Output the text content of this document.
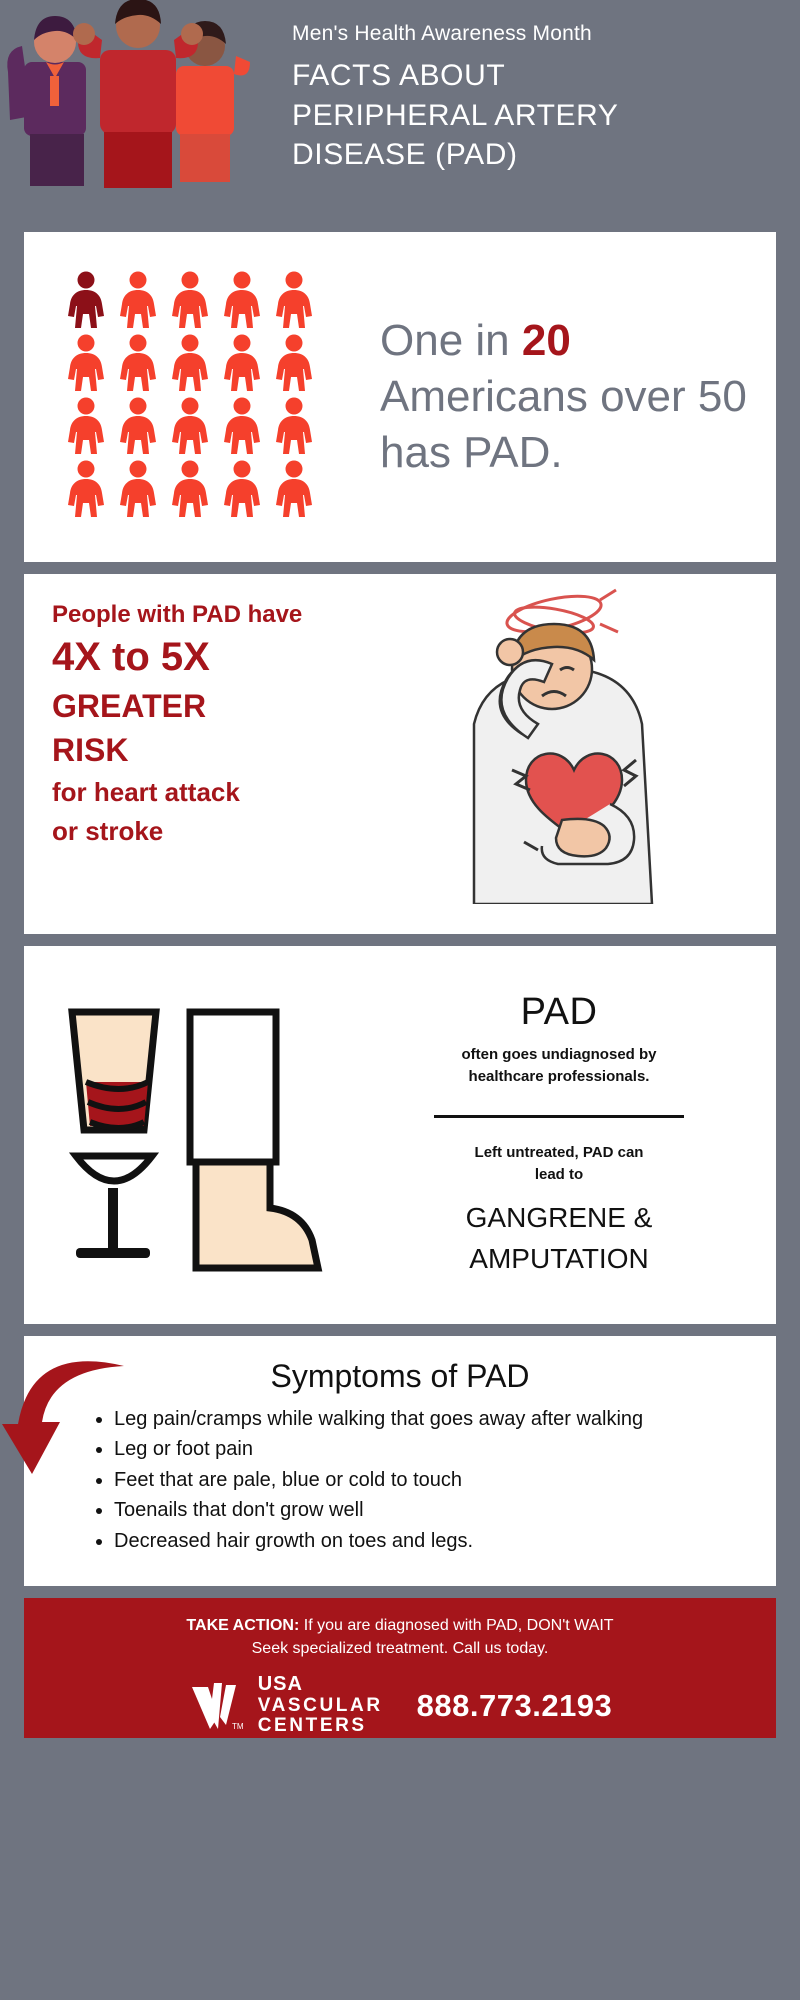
Men's Health Awareness Month
FACTS ABOUT
PERIPHERAL ARTERY
DISEASE (PAD)
One in 20 Americans over 50 has PAD.
People with PAD have
4X to 5X
GREATER
RISK
for heart attack
or stroke
PAD
often goes undiagnosed by
healthcare professionals.
Left untreated, PAD can
lead to
GANGRENE &
AMPUTATION
Symptoms of PAD
• Leg pain/cramps while walking that goes away after walking
• Leg or foot pain
• Feet that are pale, blue or cold to touch
• Toenails that don't grow well
• Decreased hair growth on toes and legs.
TAKE ACTION: If you are diagnosed with PAD, DON't WAIT
Seek specialized treatment. Call us today.
TM
USA
VASCULAR
CENTERS
888.773.2193
